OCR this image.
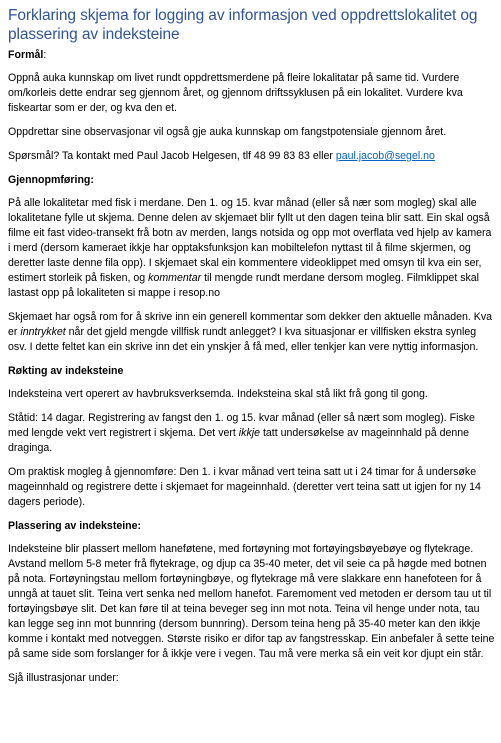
Forklaring skjema for logging av informasjon ved oppdrettslokalitet og plassering av indeksteine
Formål:

Oppnå auka kunnskap om livet rundt oppdrettsmerdene på fleire lokalitatar på same tid. Vurdere om/korleis dette endrar seg gjennom året, og gjennom driftssyklusen på ein lokalitet. Vurdere kva fiskeartar som er der, og kva den et.

Oppdrettar sine observasjonar vil også gje auka kunnskap om fangstpotensiale gjennom året.

Spørsmål? Ta kontakt med Paul Jacob Helgesen, tlf 48 99 83 83 eller paul.jacob@segel.no

Gjennopmføring:

På alle lokalitetar med fisk i merdane. Den 1. og 15. kvar månad (eller så nær som mogleg) skal alle lokalitetane fylle ut skjema. Denne delen av skjemaet blir fyllt ut den dagen teina blir satt. Ein skal også filme eit fast video-transekt frå botn av merden, langs notsida og opp mot overflata ved hjelp av kamera i merd (dersom kameraet ikkje har opptaksfunksjon kan mobiltelefon nyttast til å filme skjermen, og deretter laste denne fila opp). I skjemaet skal ein kommentere videoklippet med omsyn til kva ein ser, estimert storleik på fisken, og kommentar til mengde rundt merdane dersom mogleg. Filmklippet skal lastast opp på lokaliteten si mappe i resop.no

Skjemaet har også rom for å skrive inn ein generell kommentar som dekker den aktuelle månaden. Kva er inntrykket når det gjeld mengde villfisk rundt anlegget? I kva situasjonar er villfisken ekstra synleg osv. I dette feltet kan ein skrive inn det ein ynskjer å få med, eller tenkjer kan vere nyttig informasjon.

Røkting av indeksteine

Indeksteina vert operert av havbruksverksemda. Indeksteina skal stå likt frå gong til gong.

Ståtid: 14 dagar. Registrering av fangst den 1. og 15. kvar månad (eller så nært som mogleg). Fiske med lengde vekt vert registrert i skjema. Det vert ikkje tatt undersøkelse av mageinnhald på denne draginga.

Om praktisk mogleg å gjennomføre: Den 1. i kvar månad vert teina satt ut i 24 timar for å undersøke mageinnhald og registrere dette i skjemaet for mageinnhald. (deretter vert teina satt ut igjen for ny 14 dagers periode).

Plassering av indeksteine:

Indeksteine blir plassert mellom haneføtene, med fortøyning mot fortøyingsbøyebøye og flytekrage. Avstand mellom 5-8 meter frå flytekrage, og djup ca 35-40 meter, det vil seie ca på høgde med botnen på nota. Fortøyningstau mellom fortøyningbøye, og flytekrage må vere slakkare enn hanefoteen for å unngå at tauet slit. Teina vert senka ned mellom hanefot. Faremoment ved metoden er dersom tau ut til fortøyingsbøye slit. Det kan føre til at teina beveger seg inn mot nota. Teina vil henge under nota, tau kan legge seg inn mot bunnring (dersom bunnring). Dersom teina heng på 35-40 meter kan den ikkje komme i kontakt med notveggen. Største risiko er difor tap av fangstresskap. Ein anbefaler å sette teine på same side som forslanger for å ikkje vere i vegen. Tau må vere merka så ein veit kor djupt ein står.

Sjå illustrasjonar under:
